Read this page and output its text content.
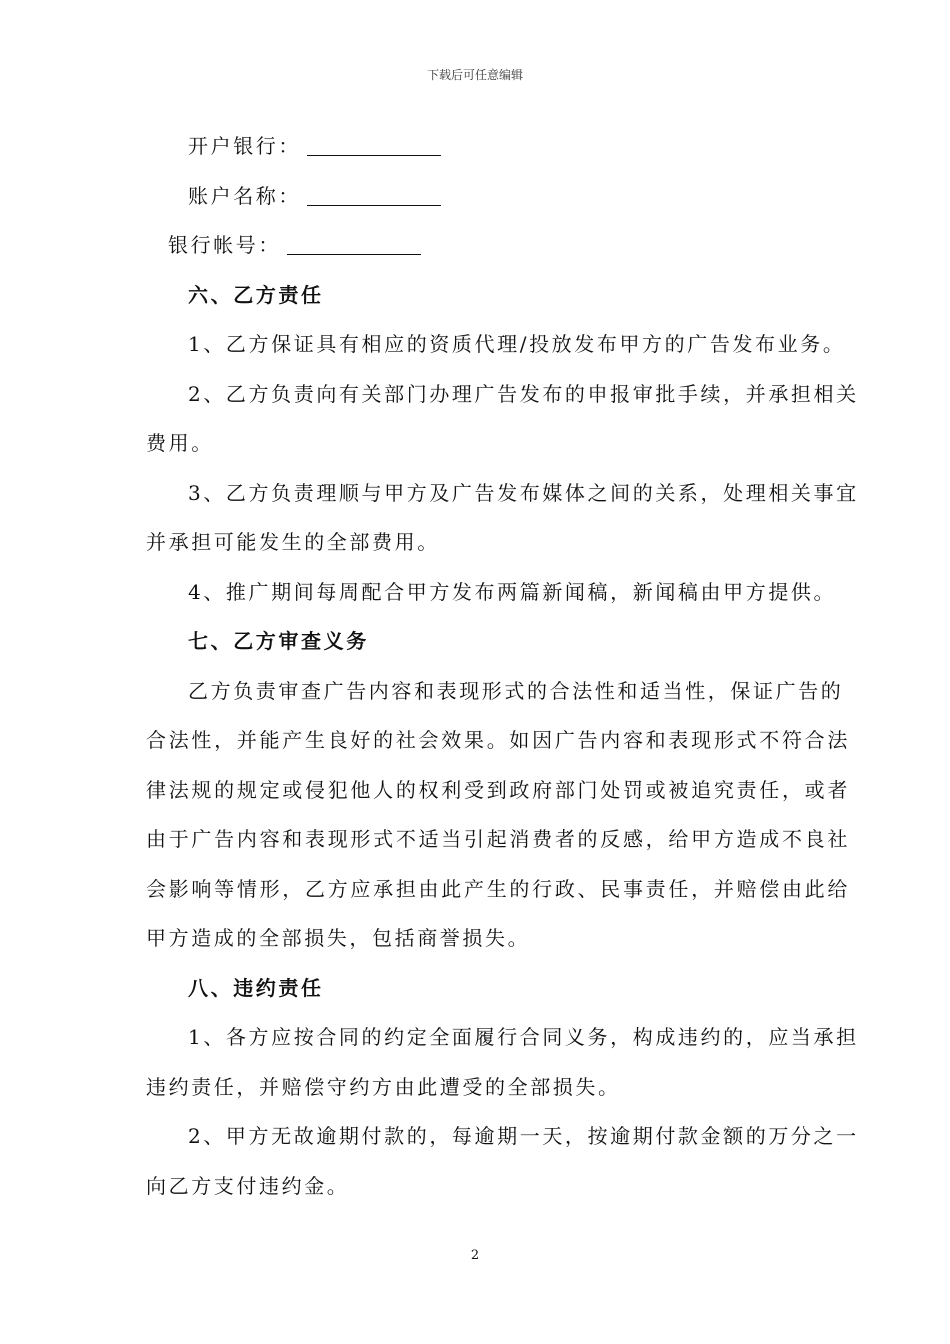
下载后可任意编辑
开户银行：
账户名称：
银行帐号：
六、乙方责任
1、乙方保证具有相应的资质代理/投放发布甲方的广告发布业务。
2、乙方负责向有关部门办理广告发布的申报审批手续，并承担相关
费用。
3、乙方负责理顺与甲方及广告发布媒体之间的关系，处理相关事宜
并承担可能发生的全部费用。
4、推广期间每周配合甲方发布两篇新闻稿，新闻稿由甲方提供。
七、乙方审查义务
乙方负责审查广告内容和表现形式的合法性和适当性，保证广告的
合法性，并能产生良好的社会效果。如因广告内容和表现形式不符合法
律法规的规定或侵犯他人的权利受到政府部门处罚或被追究责任，或者
由于广告内容和表现形式不适当引起消费者的反感，给甲方造成不良社
会影响等情形，乙方应承担由此产生的行政、民事责任，并赔偿由此给
甲方造成的全部损失，包括商誉损失。
八、违约责任
1、各方应按合同的约定全面履行合同义务，构成违约的，应当承担
违约责任，并赔偿守约方由此遭受的全部损失。
2、甲方无故逾期付款的，每逾期一天，按逾期付款金额的万分之一
向乙方支付违约金。
2
